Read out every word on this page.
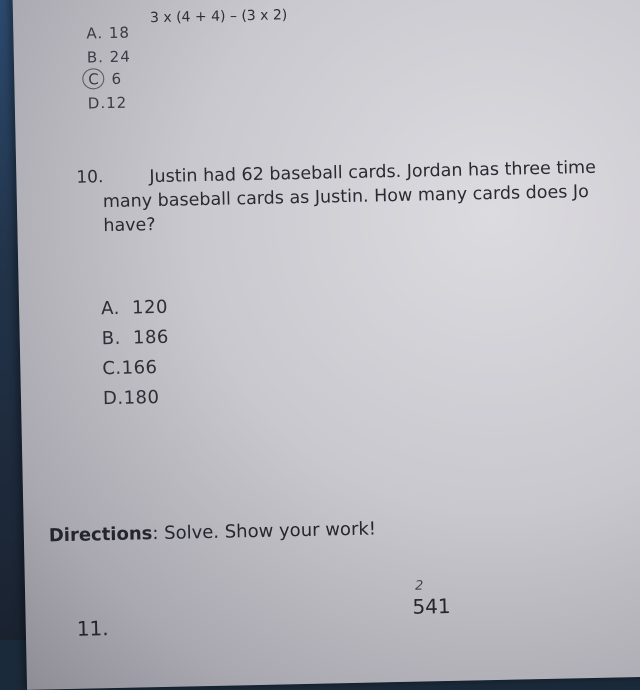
3 x (4 + 4) – (3 x 2)
A. 18
B. 24
C 6
D.12
10.	Justin had 62 baseball cards. Jordan has three time
many baseball cards as Justin. How many cards does Jo
have?
A. 120
B. 186
C.166
D.180
Directions: Solve. Show your work!
2
541
11.
